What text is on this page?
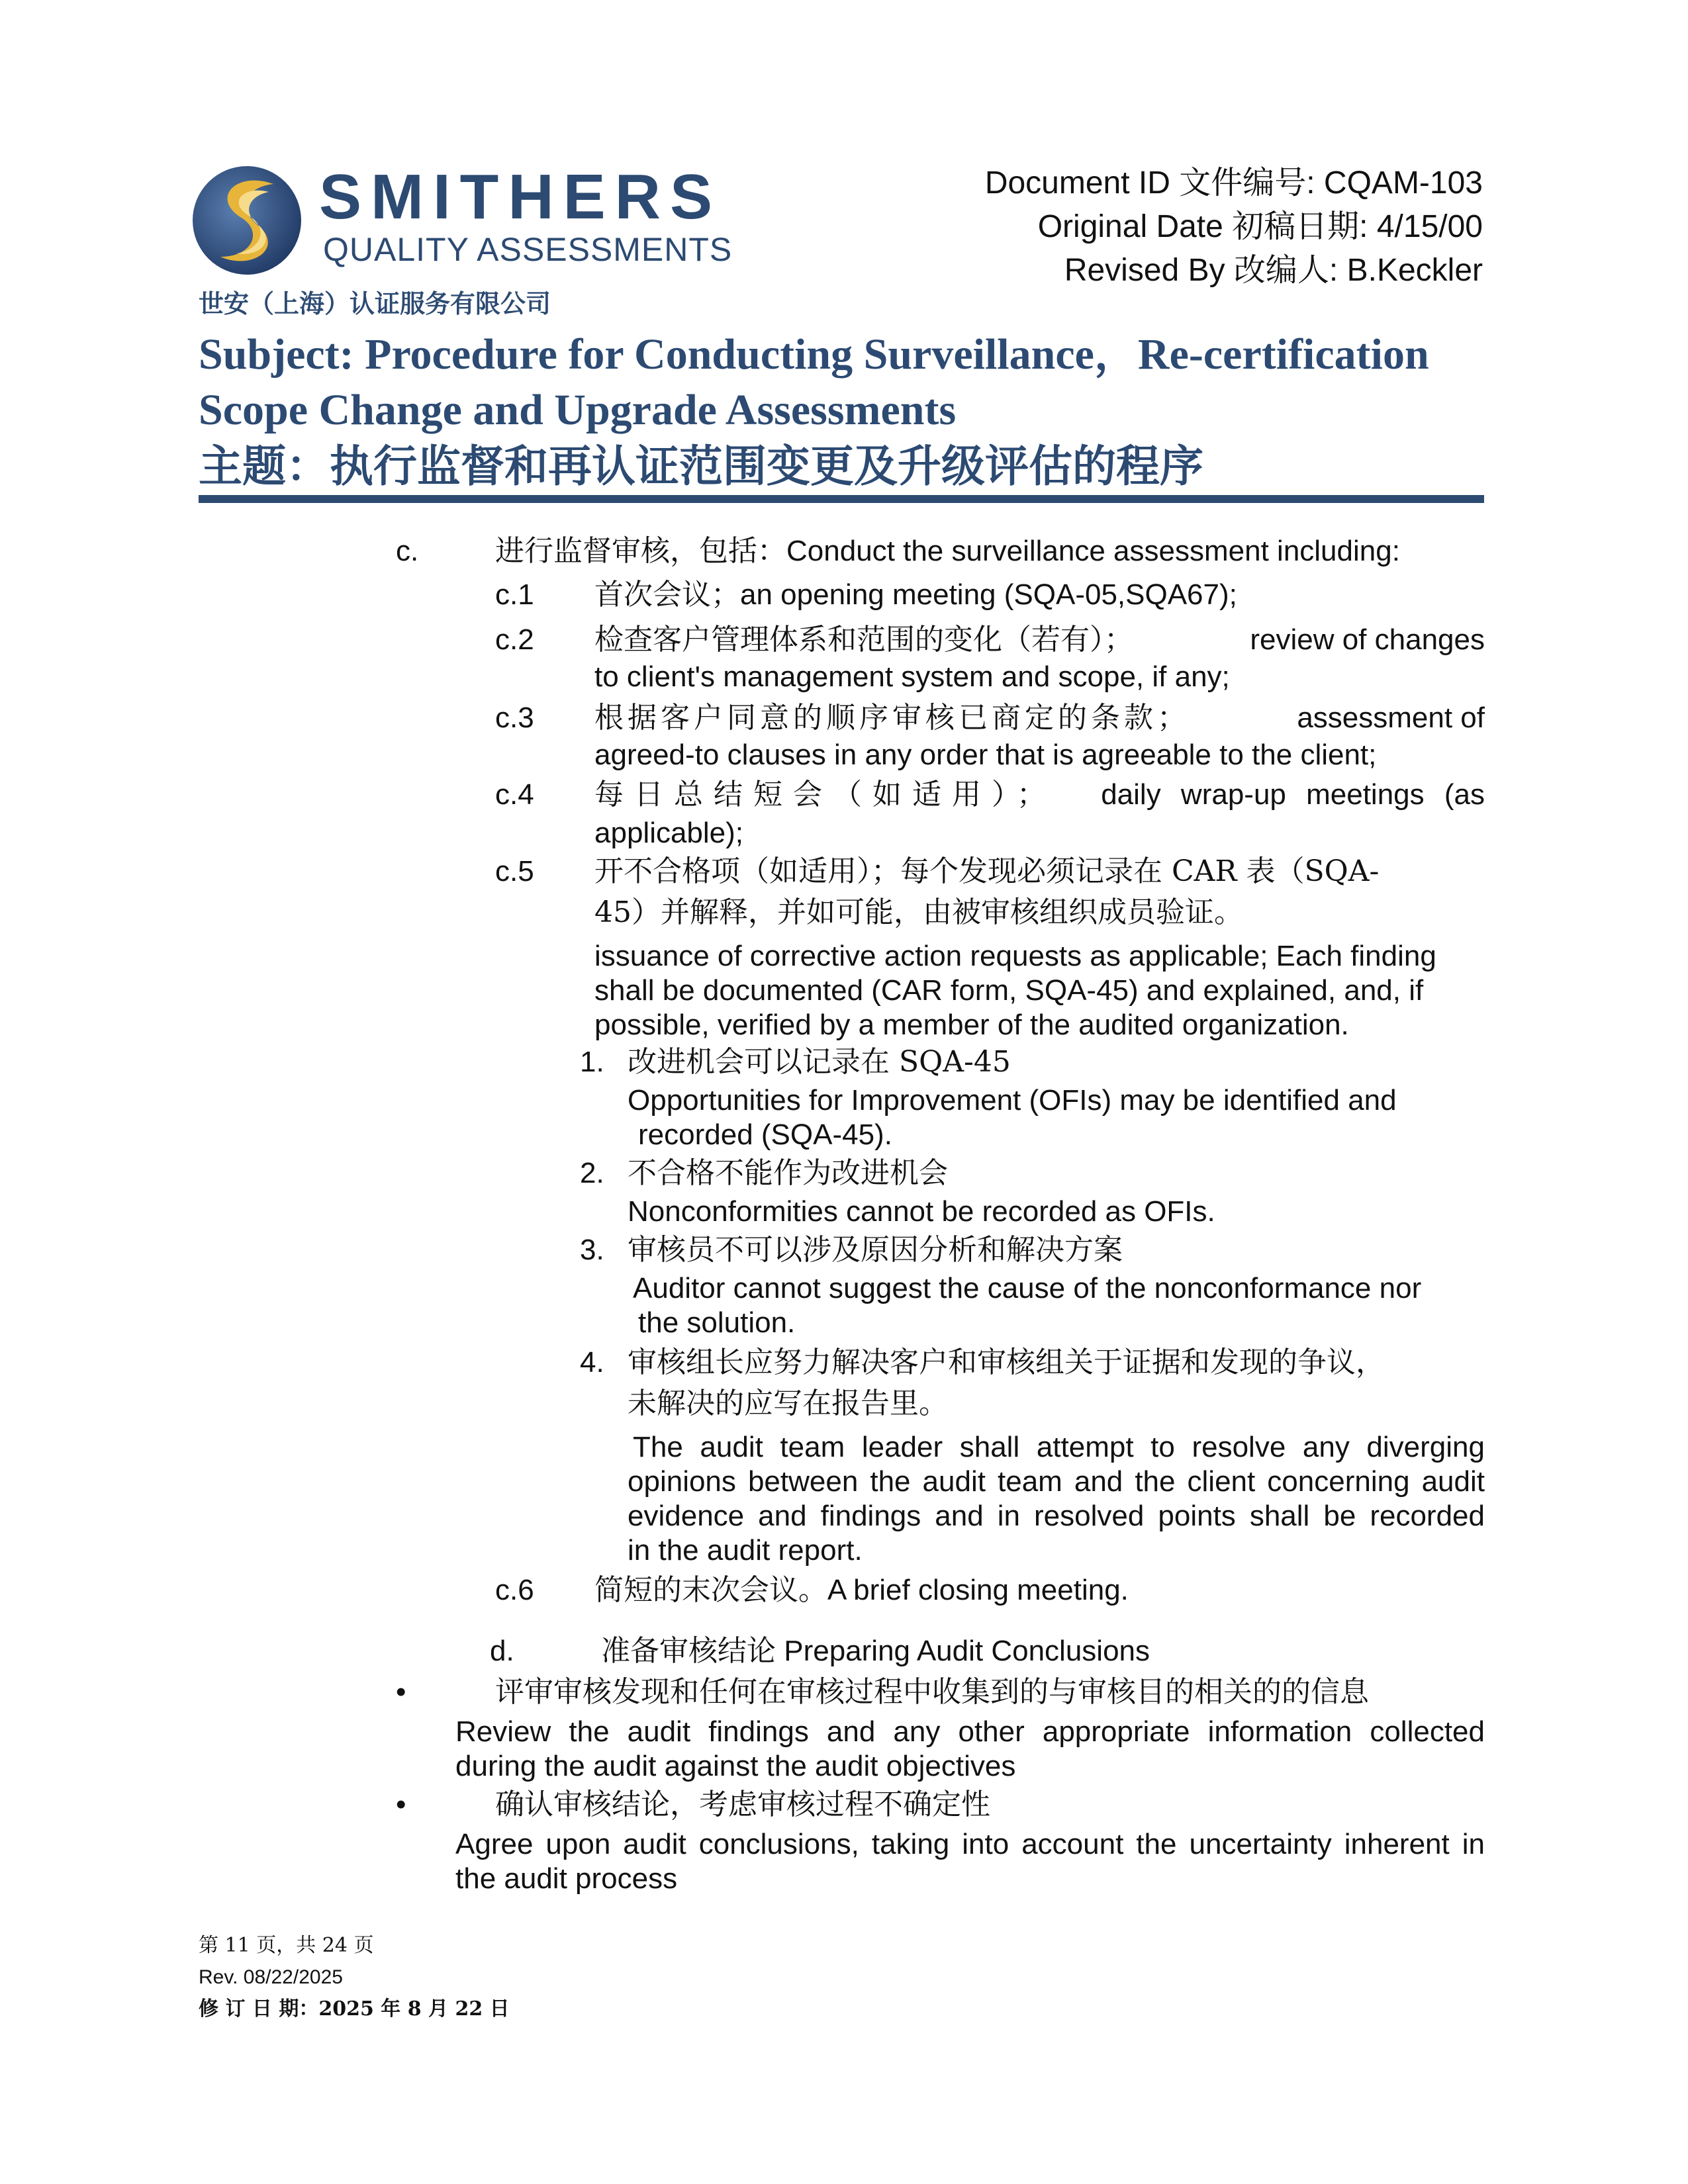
SMITHERS
QUALITY ASSESSMENTS
世安（上海）认证服务有限公司
Document ID 文件编号: CQAM-103
Original Date 初稿日期: 4/15/00
Revised By 改编人: B.Keckler
Subject: Procedure for Conducting Surveillance，Re-certification
Scope Change and Upgrade Assessments
主题：执行监督和再认证范围变更及升级评估的程序
c.	进行监督审核，包括：Conduct the surveillance assessment including:
c.1 首次会议；an opening meeting (SQA-05,SQA67);
c.2 检查客户管理体系和范围的变化（若有）；	review of changes
to client's management system and scope, if any;
c.3 根据客户同意的顺序审核已商定的条款；	assessment of
agreed-to clauses in any order that is agreeable to the client;
c.4 每日总结短会（如适用）； daily wrap-up meetings (as
applicable);
c.5 开不合格项（如适用）；每个发现必须记录在 CAR 表（SQA-
45）并解释，并如可能，由被审核组织成员验证。
issuance of corrective action requests as applicable; Each finding
shall be documented (CAR form, SQA-45) and explained, and, if
possible, verified by a member of the audited organization.
1. 改进机会可以记录在 SQA-45
Opportunities for Improvement (OFIs) may be identified and
recorded (SQA-45).
2. 不合格不能作为改进机会
Nonconformities cannot be recorded as OFIs.
3. 审核员不可以涉及原因分析和解决方案
Auditor cannot suggest the cause of the nonconformance nor
the solution.
4. 审核组长应努力解决客户和审核组关于证据和发现的争议，
未解决的应写在报告里。
The audit team leader shall attempt to resolve any diverging
opinions between the audit team and the client concerning audit
evidence and findings and in resolved points shall be recorded
in the audit report.
c.6 简短的末次会议。A brief closing meeting.
d.	准备审核结论 Preparing Audit Conclusions
•	评审审核发现和任何在审核过程中收集到的与审核目的相关的的信息
Review the audit findings and any other appropriate information collected
during the audit against the audit objectives
•	确认审核结论，考虑审核过程不确定性
Agree upon audit conclusions, taking into account the uncertainty inherent in
the audit process
第 11 页，共 24 页
Rev. 08/22/2025
修 订 日 期：2025 年 8 月 22 日
